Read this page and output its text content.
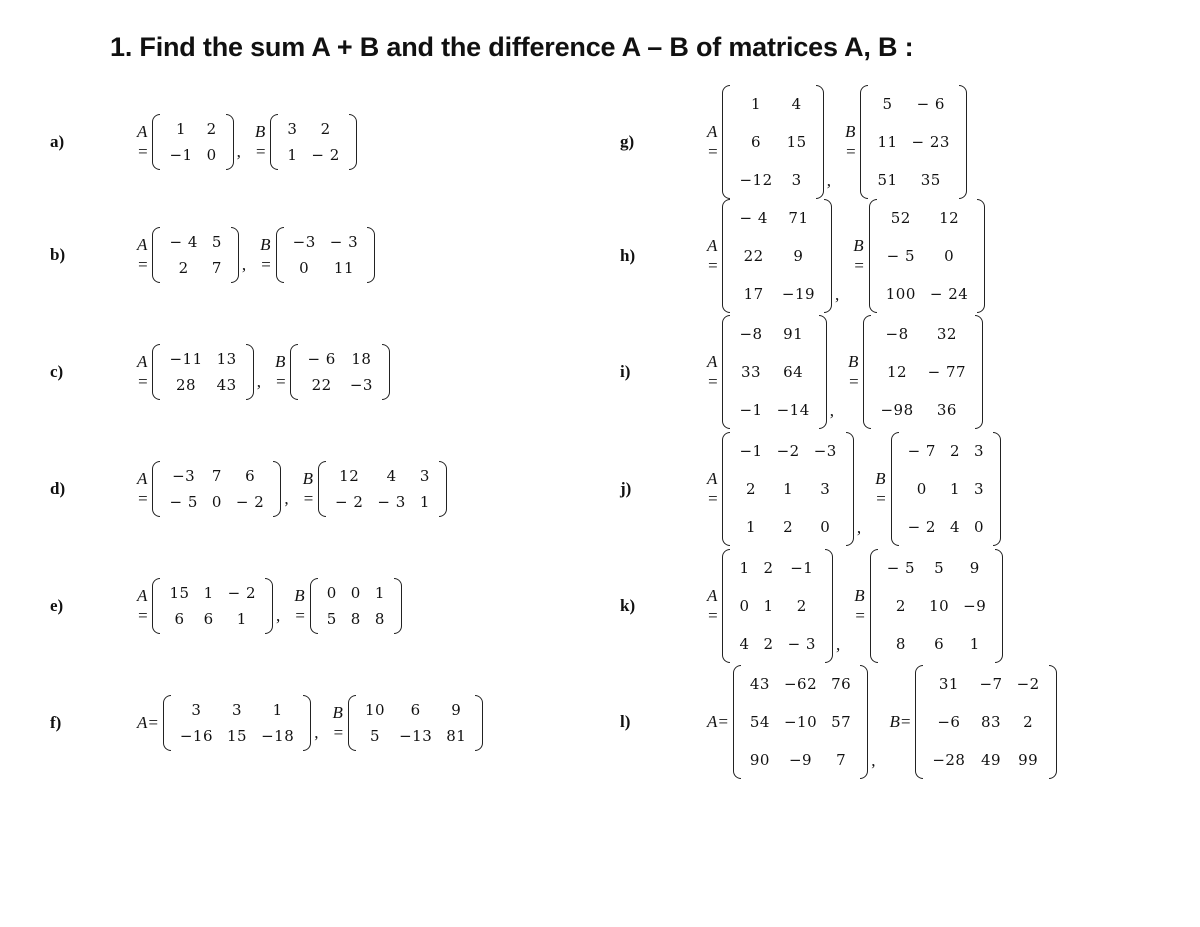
1. Find the sum A + B and the difference A – B of matrices A, B :
a)
A =
1	2
−1	0 ,
B =
3	2
1	− 2
b)
A =
− 4	5
2	7 ,
B =
−3	− 3
0	11
c)
A =
−11	13
28	43 ,
B =
− 6	18
22	−3
d)
A =
−3	7	6
− 5	0	− 2 ,
B =
12	4	3
− 2	− 3	1
e)
A =
15	1	− 2
6	6	1 ,
B =
0	0	1
5	8	8
f)	A=
3	3	1
−16	15	−18 ,
B =
10	6	9
5	−13	81
g)
A =
1	4
6	15
−12	3 ,
B =
5	− 6
11	− 23
51	35
h)
A =
− 4	71
22	9
17	−19 ,
B =
52	12
− 5	0
100	− 24
i)
A =
−8	91
33	64
−1	−14 ,
B =
−8	32
12	− 77
−98	36
j)
A =
−1	−2	−3
2	1	3
1	2	0 ,
B =
− 7	2	3
0	1	3
− 2	4	0
k)
A =
1	2	−1
0	1	2
4	2	− 3 ,
B =
− 5	5	9
2	10	−9
8	6	1
l)	A=
43	−62	76
54	−10	57
90	−9	7 ,
B=
31	−7	−2
−6	83	2
−28	49	99
